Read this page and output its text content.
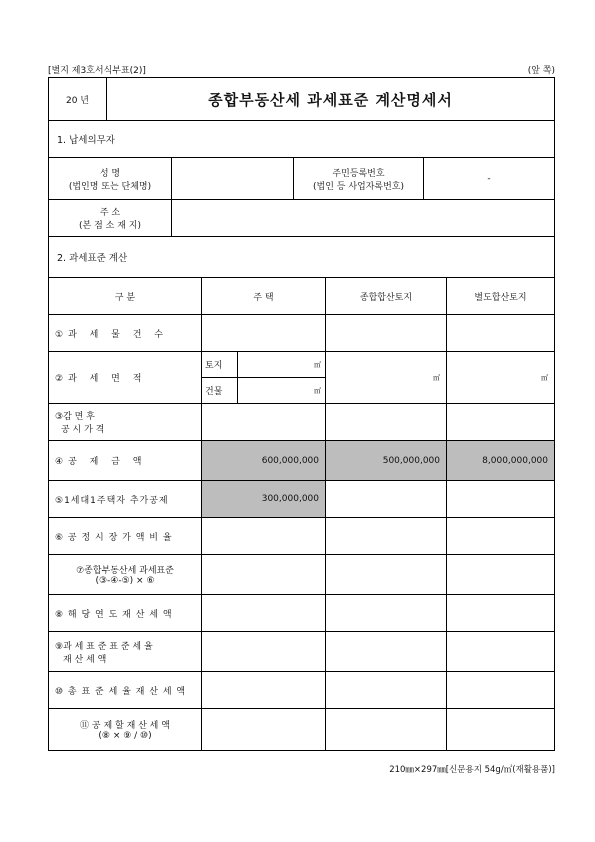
[별지 제3호서식부표(2)]	(앞 쪽)
20 년	종합부동산세 과세표준 계산명세서
1. 납세의무자
성 명
(법인명 또는 단체명)
주민등록번호
(법인 등 사업자록번호)
-
주 소
(본 점 소 재 지)
2. 과세표준 계산
구 분	주 택	종합합산토지	별도합산토지
①과 세 물 건 수
②과 세 면 적
토지	㎡
건물	㎡
㎡	㎡
③감 면 후
공 시 가 격
④공 제 금 액	600,000,000	500,000,000	8,000,000,000
⑤1세대1주택자 추가공제	300,000,000
⑥ 공 정 시 장 가 액 비 율
⑦종합부동산세 과세표준
(③-④-⑤) × ⑥
⑧ 해 당 연 도 재 산 세 액
⑨과 세 표 준 표 준 세 율
재 산 세 액
⑩ 총 표 준 세 율 재 산 세 액
⑪ 공 제 할 재 산 세 액
(⑧ × ⑨ / ⑩)
210㎜×297㎜[신문용지 54g/㎡(재활용품)]
